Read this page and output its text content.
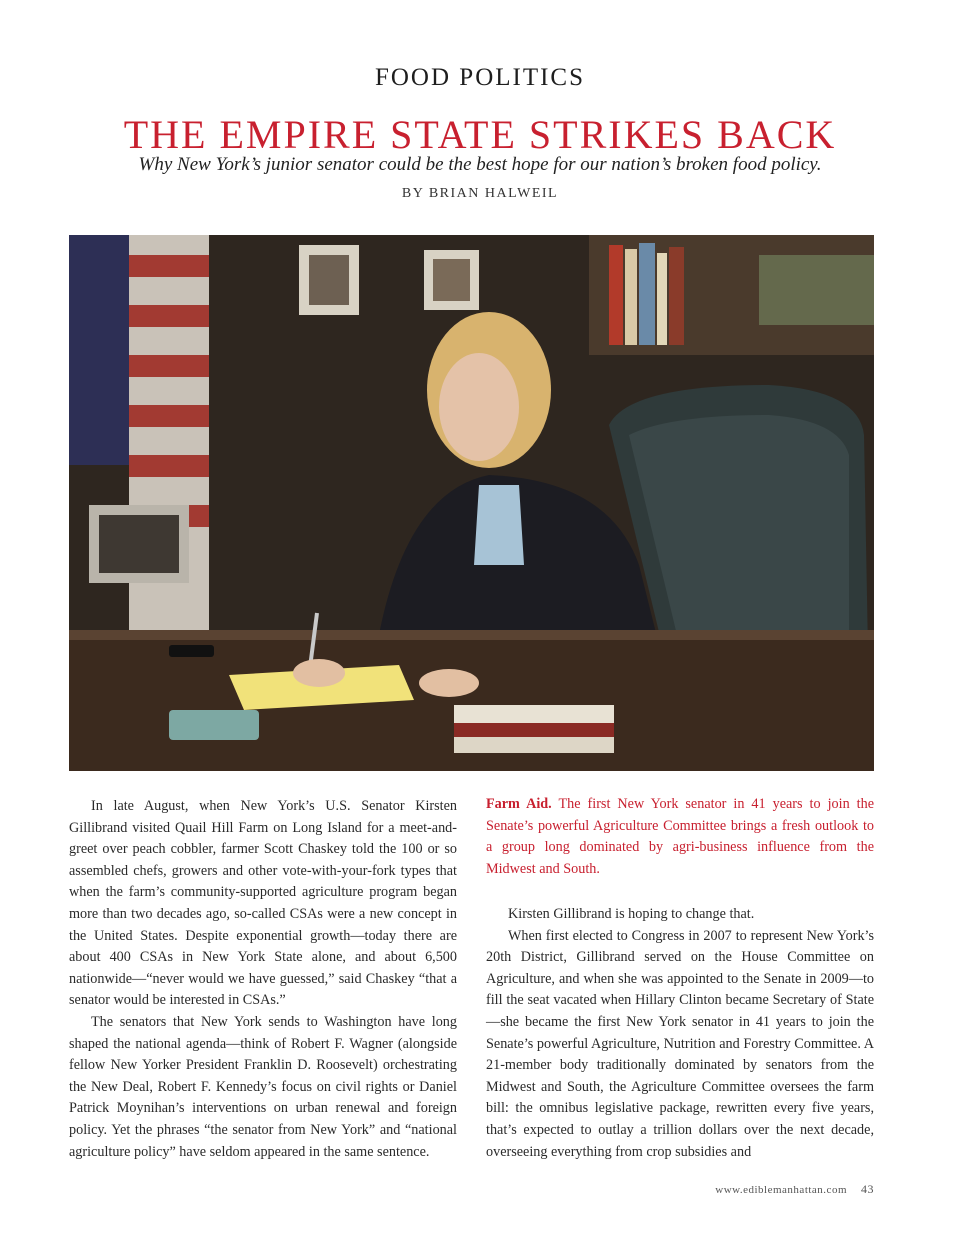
FOOD POLITICS
THE EMPIRE STATE STRIKES BACK
Why New York’s junior senator could be the best hope for our nation’s broken food policy.
BY BRIAN HALWEIL
Farm Aid. The first New York senator in 41 years to join the Senate’s powerful Agriculture Committee brings a fresh outlook to a group long dominated by agri-business influence from the Midwest and South.

In late August, when New York’s U.S. Senator Kirsten Gillibrand visited Quail Hill Farm on Long Island for a meet-and-greet over peach cobbler, farmer Scott Chaskey told the 100 or so assembled chefs, growers and other vote-with-your-fork types that when the farm’s community-supported agriculture program began more than two decades ago, so-called CSAs were a new concept in the United States. Despite exponential growth—today there are about 400 CSAs in New York State alone, and about 6,500 nationwide—“never would we have guessed,” said Chaskey “that a senator would be interested in CSAs.”

The senators that New York sends to Washington have long shaped the national agenda—think of Robert F. Wagner (alongside fellow New Yorker President Franklin D. Roosevelt) orchestrating the New Deal, Robert F. Kennedy’s focus on civil rights or Daniel Patrick Moynihan’s interventions on urban renewal and foreign policy. Yet the phrases “the senator from New York” and “national agriculture policy” have seldom appeared in the same sentence.

Kirsten Gillibrand is hoping to change that.

When first elected to Congress in 2007 to represent New York’s 20th District, Gillibrand served on the House Committee on Agriculture, and when she was appointed to the Senate in 2009—to fill the seat vacated when Hillary Clinton became Secretary of State—she became the first New York senator in 41 years to join the Senate’s powerful Agriculture, Nutrition and Forestry Committee. A 21-member body traditionally dominated by senators from the Midwest and South, the Agriculture Committee oversees the farm bill: the omnibus legislative package, rewritten every five years, that’s expected to outlay a trillion dollars over the next decade, overseeing everything from crop subsidies and

www.ediblemanhattan.com 43
